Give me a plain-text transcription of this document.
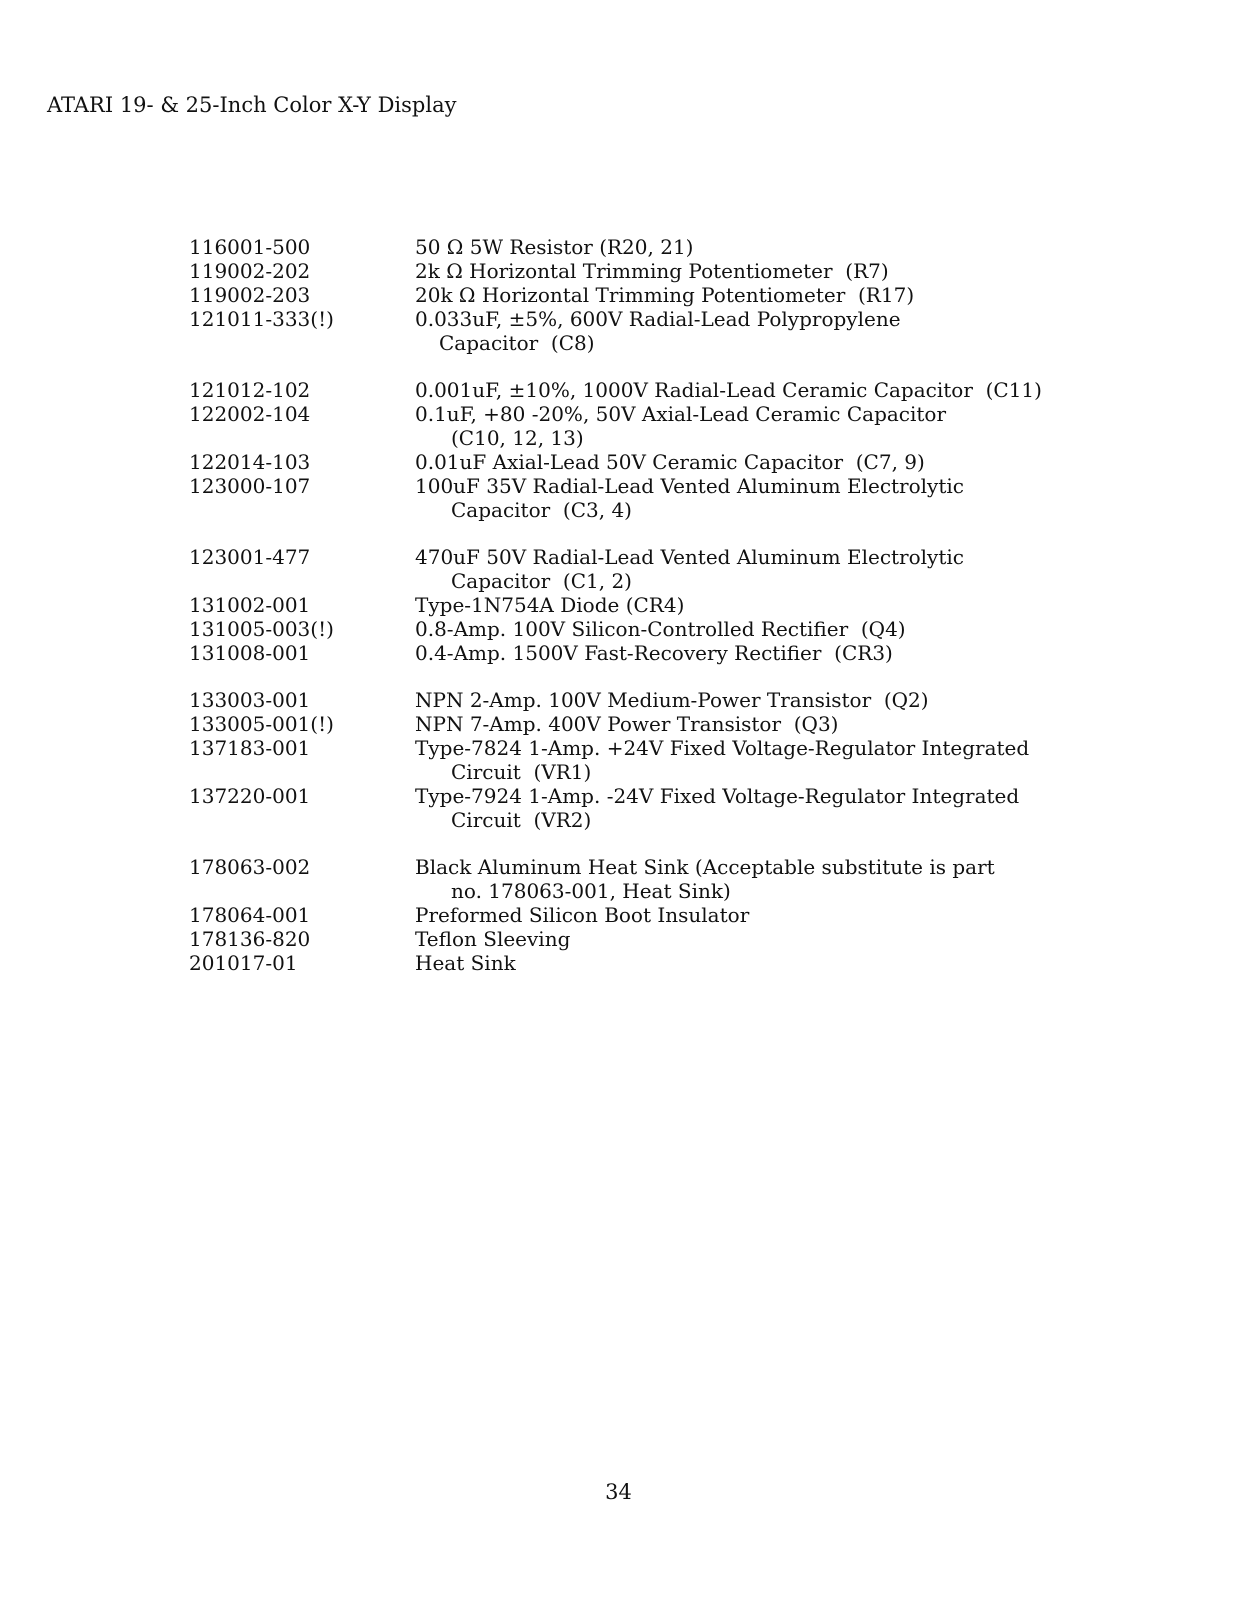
ATARI 19- & 25-Inch Color X-Y Display
116001-500	50 Ω 5W Resistor (R20, 21)
119002-202	2k Ω Horizontal Trimming Potentiometer  (R7)
119002-203	20k Ω Horizontal Trimming Potentiometer  (R17)
121011-333(!)	0.033uF, ±5%, 600V Radial-Lead Polypropylene
Capacitor  (C8)
121012-102	0.001uF, ±10%, 1000V Radial-Lead Ceramic Capacitor  (C11)
122002-104	0.1uF, +80 -20%, 50V Axial-Lead Ceramic Capacitor
(C10, 12, 13)
122014-103	0.01uF Axial-Lead 50V Ceramic Capacitor  (C7, 9)
123000-107	100uF 35V Radial-Lead Vented Aluminum Electrolytic
Capacitor  (C3, 4)
123001-477	470uF 50V Radial-Lead Vented Aluminum Electrolytic
Capacitor  (C1, 2)
131002-001	Type-1N754A Diode (CR4)
131005-003(!)	0.8-Amp. 100V Silicon-Controlled Rectifier  (Q4)
131008-001	0.4-Amp. 1500V Fast-Recovery Rectifier  (CR3)
133003-001	NPN 2-Amp. 100V Medium-Power Transistor  (Q2)
133005-001(!)	NPN 7-Amp. 400V Power Transistor  (Q3)
137183-001	Type-7824 1-Amp. +24V Fixed Voltage-Regulator Integrated
Circuit  (VR1)
137220-001	Type-7924 1-Amp. -24V Fixed Voltage-Regulator Integrated
Circuit  (VR2)
178063-002	Black Aluminum Heat Sink (Acceptable substitute is part
no. 178063-001, Heat Sink)
178064-001	Preformed Silicon Boot Insulator
178136-820	Teflon Sleeving
201017-01	Heat Sink
34
